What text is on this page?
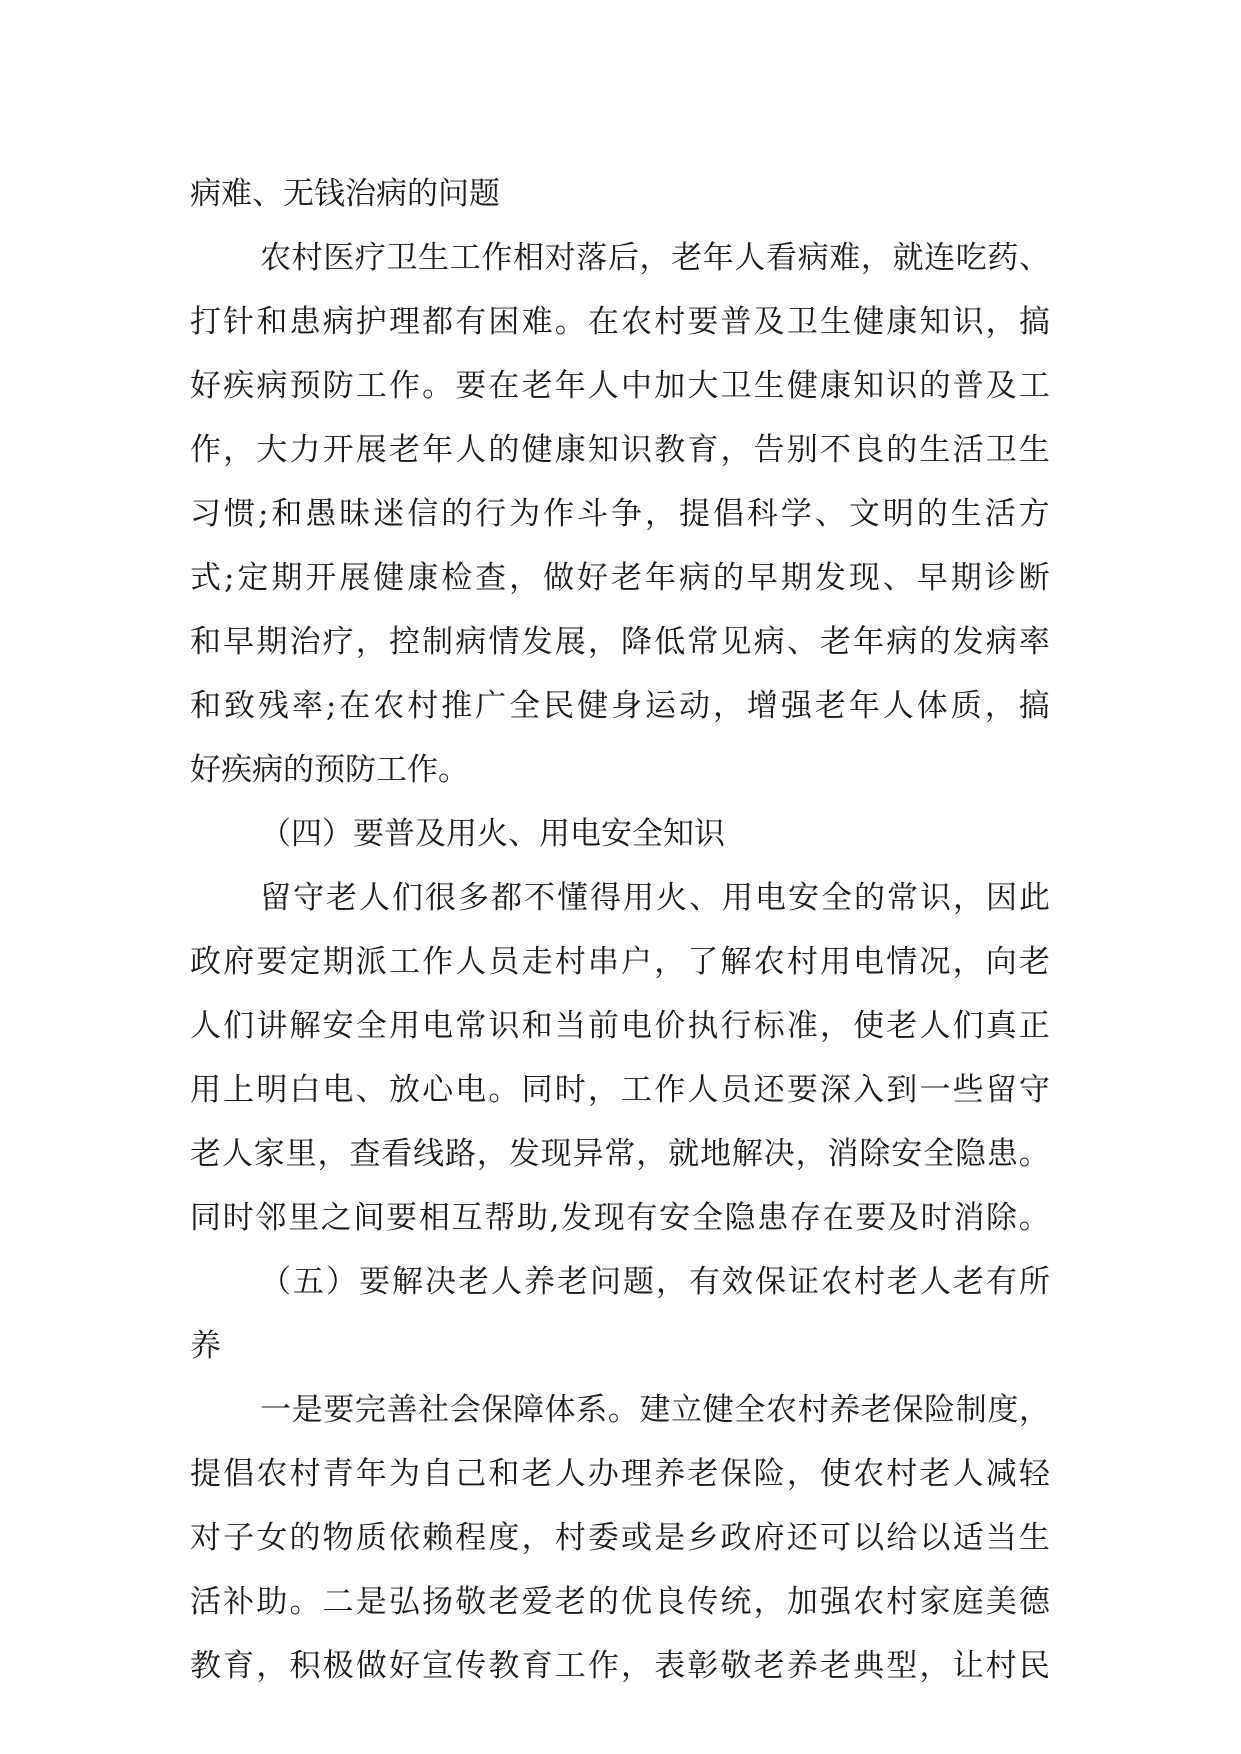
病难、无钱治病的问题
农 村 医 疗 卫 生 工 作 相 对 落 后 ， 老 年 人 看 病 难 ， 就 连 吃 药 、
打 针 和 患 病 护 理 都 有 困 难 。 在 农 村 要 普 及 卫 生 健 康 知 识 ， 搞
好 疾 病 预 防 工 作 。 要 在 老 年 人 中 加 大 卫 生 健 康 知 识 的 普 及 工
作 ， 大 力 开 展 老 年 人 的 健 康 知 识 教 育 ， 告 别 不 良 的 生 活 卫 生
习 惯 ; 和 愚 昧 迷 信 的 行 为 作 斗 争 ， 提 倡 科 学 、 文 明 的 生 活 方
式 ; 定 期 开 展 健 康 检 查 ， 做 好 老 年 病 的 早 期 发 现 、 早 期 诊 断
和 早 期 治 疗 ， 控 制 病 情 发 展 ， 降 低 常 见 病 、 老 年 病 的 发 病 率
和 致 残 率 ; 在 农 村 推 广 全 民 健 身 运 动 ， 增 强 老 年 人 体 质 ， 搞
好疾病的预防工作。
（四）要普及用火、用电安全知识
留 守 老 人 们 很 多 都 不 懂 得 用 火 、 用 电 安 全 的 常 识 ， 因 此
政 府 要 定 期 派 工 作 人 员 走 村 串 户 ， 了 解 农 村 用 电 情 况 ， 向 老
人 们 讲 解 安 全 用 电 常 识 和 当 前 电 价 执 行 标 准 ， 使 老 人 们 真 正
用 上 明 白 电 、 放 心 电 。 同 时 ， 工 作 人 员 还 要 深 入 到 一 些 留 守
老 人 家 里 ， 查 看 线 路 ， 发 现 异 常 ， 就 地 解 决 ， 消 除 安 全 隐 患 。
同 时 邻 里 之 间 要 相 互 帮 助 , 发 现 有 安 全 隐 患 存 在 要 及 时 消 除 。
（ 五 ） 要 解 决 老 人 养 老 问 题 ， 有 效 保 证 农 村 老 人 老 有 所
养
一 是 要 完 善 社 会 保 障 体 系 。 建 立 健 全 农 村 养 老 保 险 制 度 ，
提 倡 农 村 青 年 为 自 己 和 老 人 办 理 养 老 保 险 ， 使 农 村 老 人 减 轻
对 子 女 的 物 质 依 赖 程 度 ， 村 委 或 是 乡 政 府 还 可 以 给 以 适 当 生
活 补 助 。 二 是 弘 扬 敬 老 爱 老 的 优 良 传 统 ， 加 强 农 村 家 庭 美 德
教 育 ， 积 极 做 好 宣 传 教 育 工 作 ， 表 彰 敬 老 养 老 典 型 ， 让 村 民
